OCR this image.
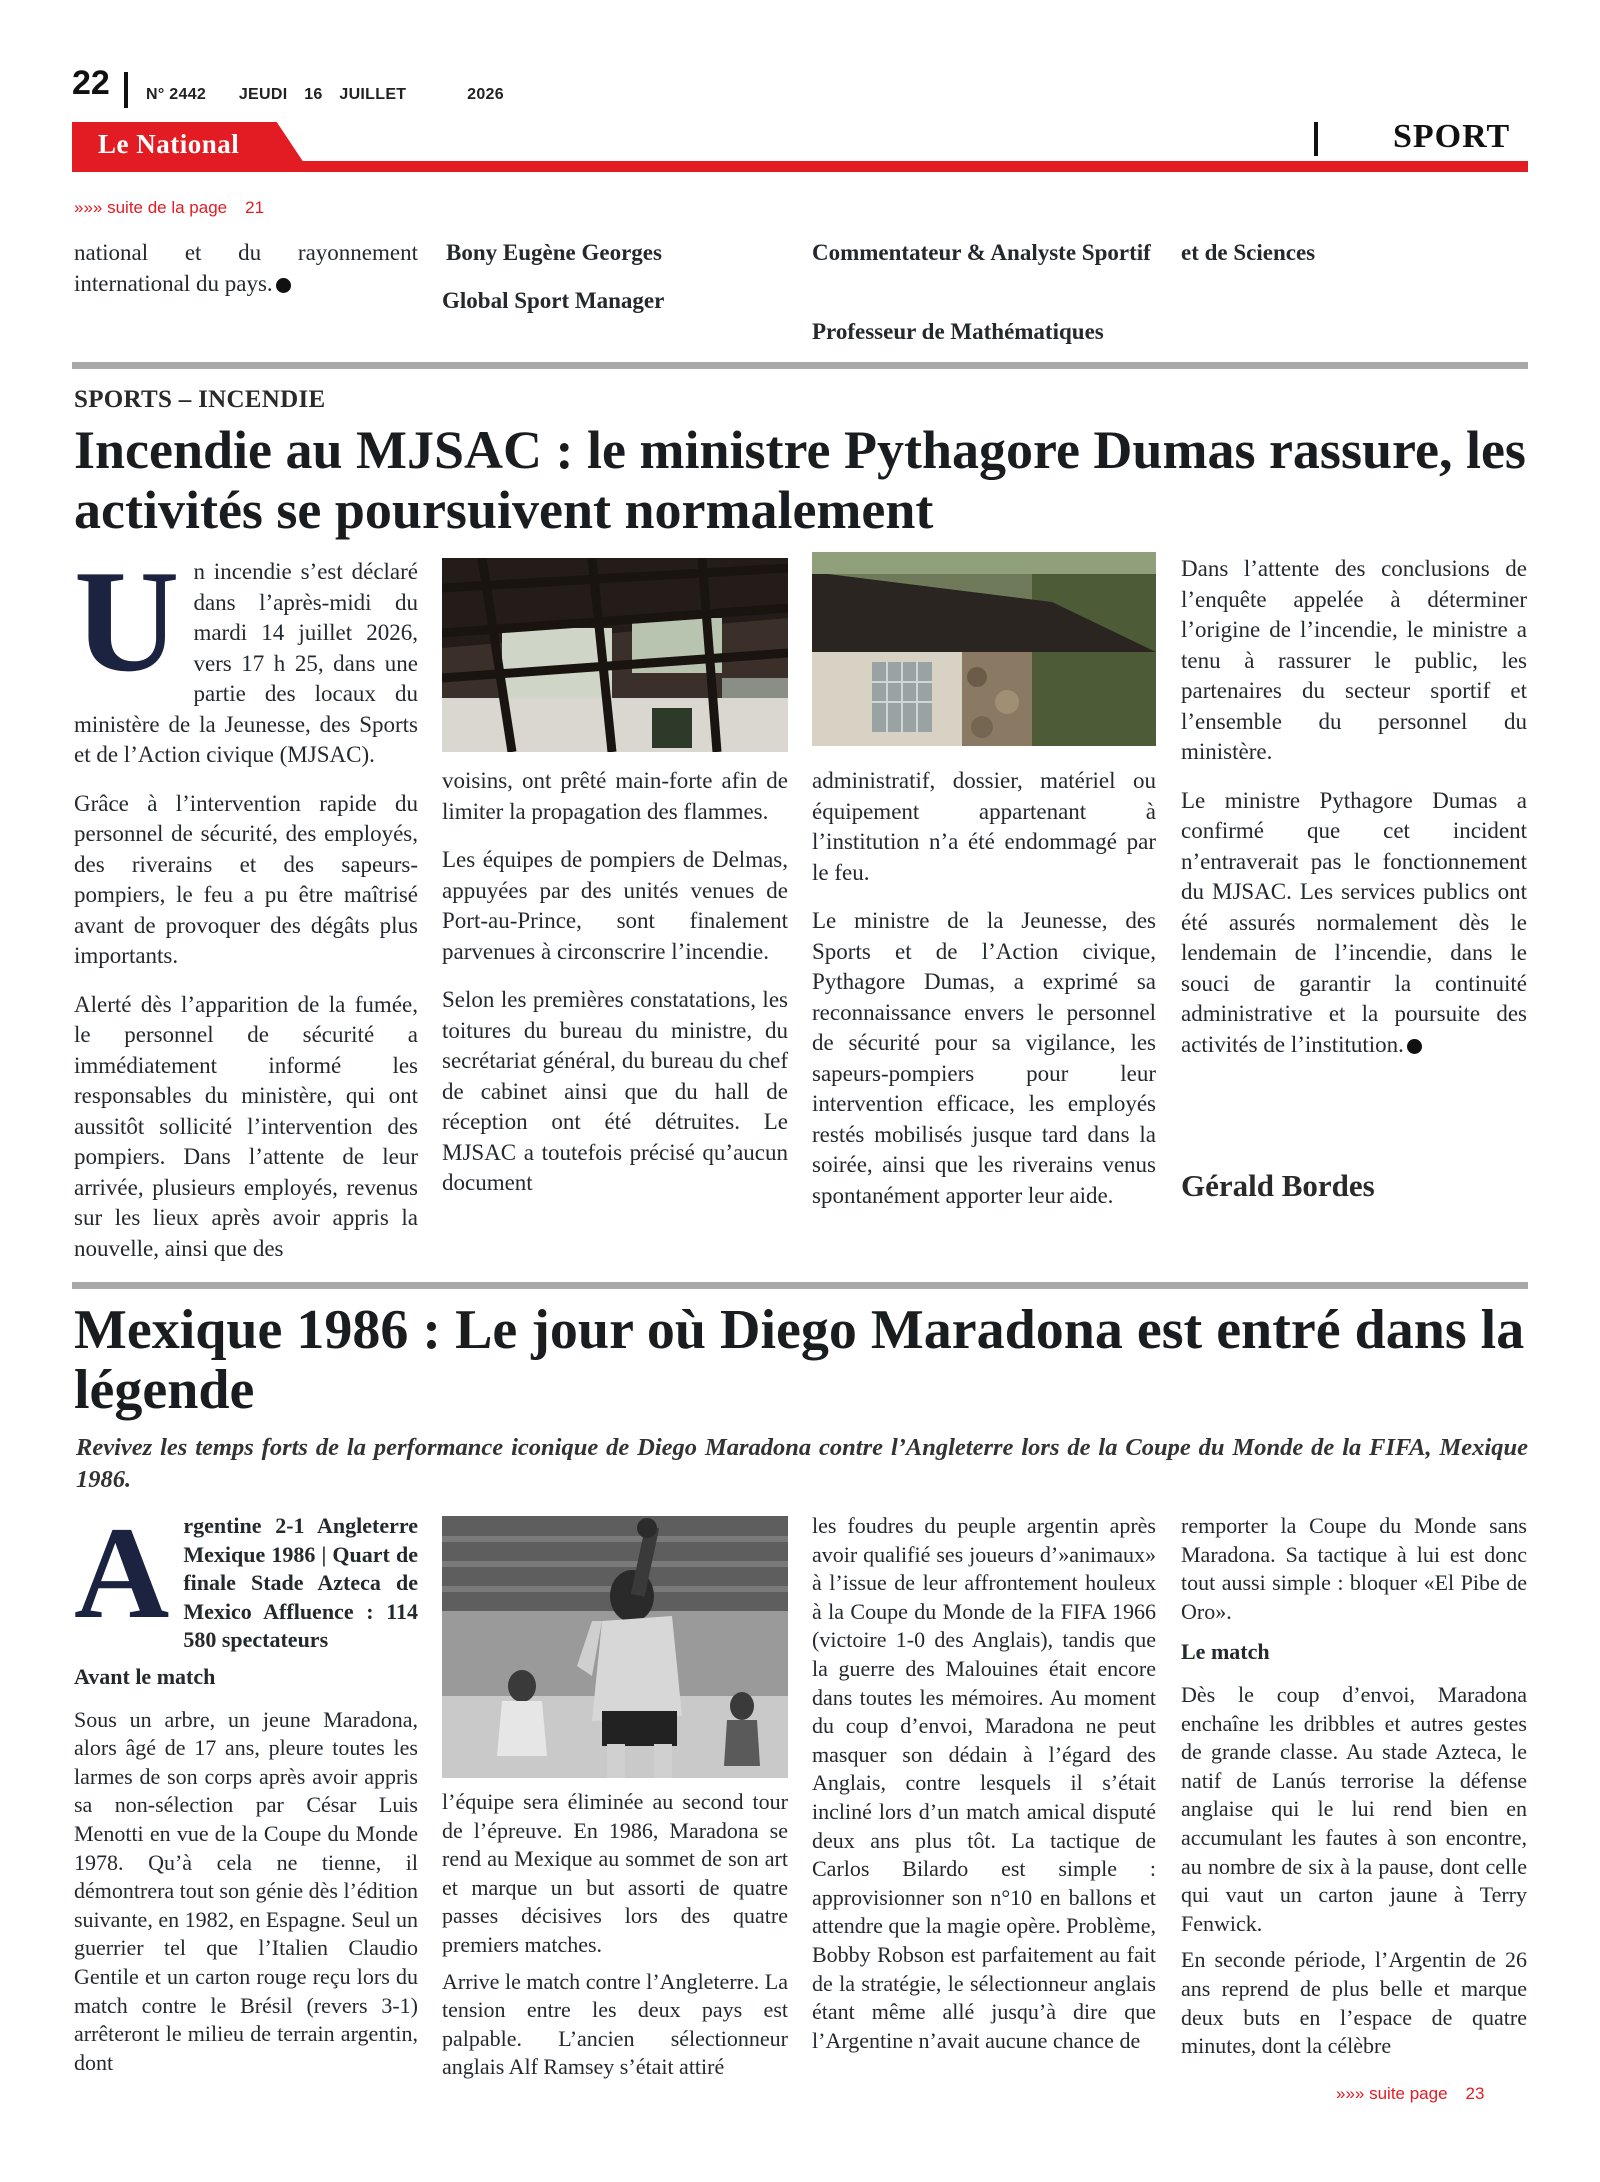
22 N° 2442 JEUDI 16 JUILLET	2026
Le National	SPORT
»»» suite de la page 21
national et du rayonnement international du pays.
Bony Eugène Georges
Global Sport Manager
Commentateur & Analyste Sportif
Professeur de Mathématiques
et de Sciences
SPORTS – INCENDIE
Incendie au MJSAC : le ministre Pythagore Dumas rassure, les activités se poursuivent normalement

Un incendie s’est déclaré dans l’après-midi du mardi 14 juillet 2026, vers 17 h 25, dans une partie des locaux du ministère de la Jeunesse, des Sports et de l’Action civique (MJSAC).

Grâce à l’intervention rapide du personnel de sécurité, des employés, des riverains et des sapeurs-pompiers, le feu a pu être maîtrisé avant de provoquer des dégâts plus importants.

Alerté dès l’apparition de la fumée, le personnel de sécurité a immédiatement informé les responsables du ministère, qui ont aussitôt sollicité l’intervention des pompiers. Dans l’attente de leur arrivée, plusieurs employés, revenus sur les lieux après avoir appris la nouvelle, ainsi que des

voisins, ont prêté main-forte afin de limiter la propagation des flammes.

Les équipes de pompiers de Delmas, appuyées par des unités venues de Port-au-Prince, sont finalement parvenues à circonscrire l’incendie.

Selon les premières constatations, les toitures du bureau du ministre, du secrétariat général, du bureau du chef de cabinet ainsi que du hall de réception ont été détruites. Le MJSAC a toutefois précisé qu’aucun document

administratif, dossier, matériel ou équipement appartenant à l’institution n’a été endommagé par le feu.

Le ministre de la Jeunesse, des Sports et de l’Action civique, Pythagore Dumas, a exprimé sa reconnaissance envers le personnel de sécurité pour sa vigilance, les sapeurs-pompiers pour leur intervention efficace, les employés restés mobilisés jusque tard dans la soirée, ainsi que les riverains venus spontanément apporter leur aide.

Dans l’attente des conclusions de l’enquête appelée à déterminer l’origine de l’incendie, le ministre a tenu à rassurer le public, les partenaires du secteur sportif et l’ensemble du personnel du ministère.

Le ministre Pythagore Dumas a confirmé que cet incident n’entraverait pas le fonctionnement du MJSAC. Les services publics ont été assurés normalement dès le lendemain de l’incendie, dans le souci de garantir la continuité administrative et la poursuite des activités de l’institution.

Gérald Bordes
Mexique 1986 : Le jour où Diego Maradona est entré dans la légende
Revivez les temps forts de la performance iconique de Diego Maradona contre l’Angleterre lors de la Coupe du Monde de la FIFA, Mexique 1986.

Argentine 2-1 Angleterre Mexique 1986 | Quart de finale Stade Azteca de Mexico Affluence : 114 580 spectateurs

Avant le match

Sous un arbre, un jeune Maradona, alors âgé de 17 ans, pleure toutes les larmes de son corps après avoir appris sa non-sélection par César Luis Menotti en vue de la Coupe du Monde 1978. Qu’à cela ne tienne, il démontrera tout son génie dès l’édition suivante, en 1982, en Espagne. Seul un guerrier tel que l’Italien Claudio Gentile et un carton rouge reçu lors du match contre le Brésil (revers 3-1) arrêteront le milieu de terrain argentin, dont

l’équipe sera éliminée au second tour de l’épreuve. En 1986, Maradona se rend au Mexique au sommet de son art et marque un but assorti de quatre passes décisives lors des quatre premiers matches.

Arrive le match contre l’Angleterre. La tension entre les deux pays est palpable. L’ancien sélectionneur anglais Alf Ramsey s’était attiré

les foudres du peuple argentin après avoir qualifié ses joueurs d’»animaux» à l’issue de leur affrontement houleux à la Coupe du Monde de la FIFA 1966 (victoire 1-0 des Anglais), tandis que la guerre des Malouines était encore dans toutes les mémoires. Au moment du coup d’envoi, Maradona ne peut masquer son dédain à l’égard des Anglais, contre lesquels il s’était incliné lors d’un match amical disputé deux ans plus tôt. La tactique de Carlos Bilardo est simple : approvisionner son n°10 en ballons et attendre que la magie opère. Problème, Bobby Robson est parfaitement au fait de la stratégie, le sélectionneur anglais étant même allé jusqu’à dire que l’Argentine n’avait aucune chance de

remporter la Coupe du Monde sans Maradona. Sa tactique à lui est donc tout aussi simple : bloquer «El Pibe de Oro».

Le match

Dès le coup d’envoi, Maradona enchaîne les dribbles et autres gestes de grande classe. Au stade Azteca, le natif de Lanús terrorise la défense anglaise qui le lui rend bien en accumulant les fautes à son encontre, au nombre de six à la pause, dont celle qui vaut un carton jaune à Terry Fenwick.

En seconde période, l’Argentin de 26 ans reprend de plus belle et marque deux buts en l’espace de quatre minutes, dont la célèbre

»»» suite page 23
